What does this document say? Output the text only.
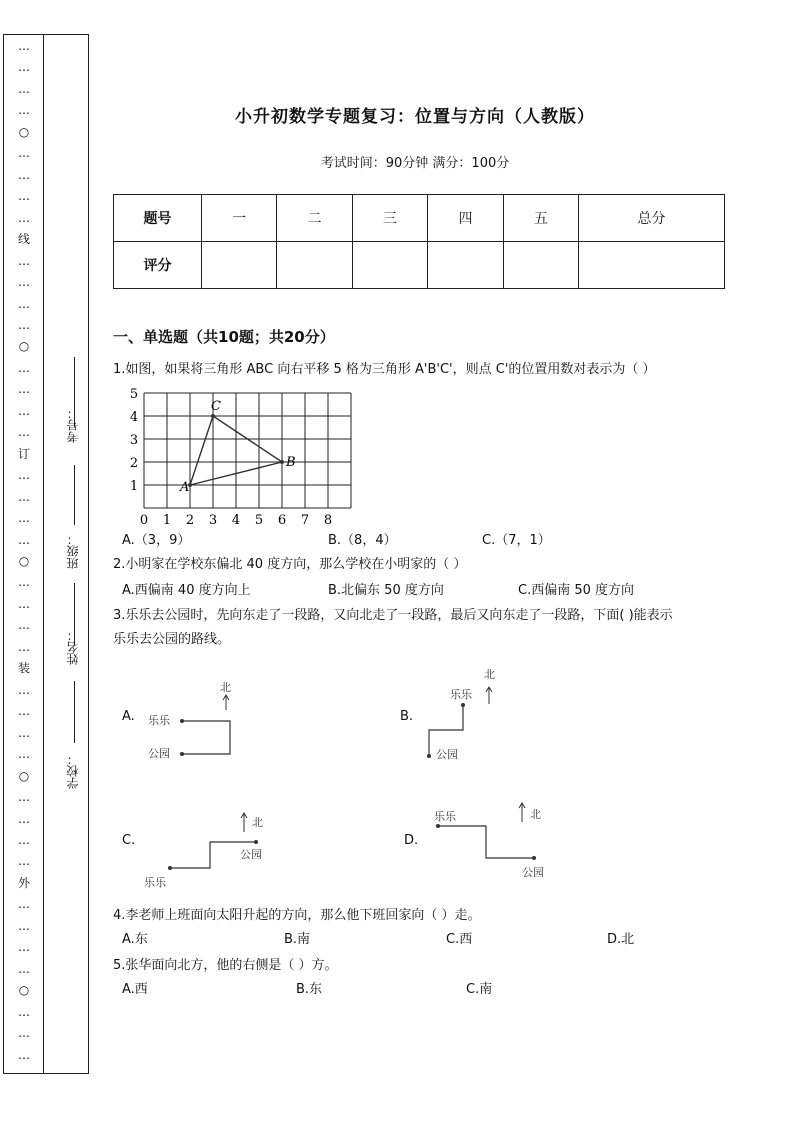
…
…
…
…
○
…
…
…
…
线
…
…
…
…
○
…
…
…
…
订
…
…
…
…
○
…
…
…
…
装
…
…
…
…
○
…
…
…
…
外
…
…
…
…
○
…
…
…
考号：
班级：
姓名：
学校：
小升初数学专题复习：位置与方向（人教版）
考试时间：90分钟 满分：100分
题号	一	二	三	四	五	总分
评分						
一、单选题（共10题；共20分）
1.如图，如果将三角形 ABC 向右平移 5 格为三角形 A'B'C'，则点 C'的位置用数对表示为（ ）
0 1 2 3 4 5 6 7 8
1
2
3
4
5
A
B
C
A.（3，9）	B.（8，4）	C.（7，1）
2.小明家在学校东偏北 40 度方向，那么学校在小明家的（ ）
A.西偏南 40 度方向上	B.北偏东 50 度方向	C.西偏南 50 度方向
3.乐乐去公园时，先向东走了一段路，又向北走了一段路，最后又向东走了一段路，下面( )能表示
乐乐去公园的路线。
A.
北
乐乐
公园
B.
北
乐乐
公园
C.
北
公园
乐乐
D.
北
乐乐
公园
4.李老师上班面向太阳升起的方向，那么他下班回家向（ ）走。
A.东	B.南	C.西	D.北
5.张华面向北方，他的右侧是（ ）方。
A.西	B.东	C.南
